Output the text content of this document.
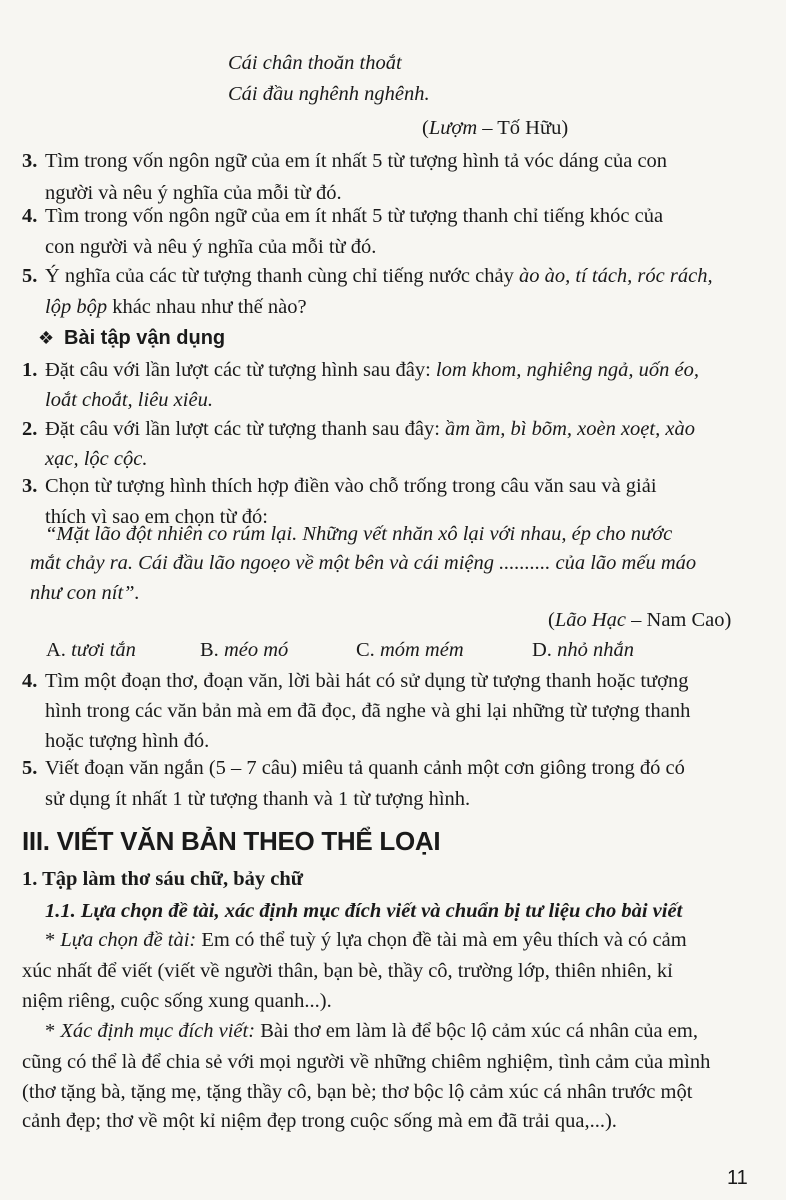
Cái chân thoăn thoắt
Cái đầu nghênh nghênh.
(Lượm – Tố Hữu)
3. Tìm trong vốn ngôn ngữ của em ít nhất 5 từ tượng hình tả vóc dáng của con
người và nêu ý nghĩa của mỗi từ đó.
4. Tìm trong vốn ngôn ngữ của em ít nhất 5 từ tượng thanh chỉ tiếng khóc của
con người và nêu ý nghĩa của mỗi từ đó.
5. Ý nghĩa của các từ tượng thanh cùng chỉ tiếng nước chảy ào ào, tí tách, róc rách,
lộp bộp khác nhau như thế nào?
❖ Bài tập vận dụng
1. Đặt câu với lần lượt các từ tượng hình sau đây: lom khom, nghiêng ngả, uốn éo,
loắt choắt, liêu xiêu.
2. Đặt câu với lần lượt các từ tượng thanh sau đây: ầm ầm, bì bõm, xoèn xoẹt, xào
xạc, lộc cộc.
3. Chọn từ tượng hình thích hợp điền vào chỗ trống trong câu văn sau và giải
thích vì sao em chọn từ đó:
“Mặt lão đột nhiên co rúm lại. Những vết nhăn xô lại với nhau, ép cho nước
mắt chảy ra. Cái đầu lão ngoẹo về một bên và cái miệng .......... của lão mếu máo
như con nít”.
(Lão Hạc – Nam Cao)
A. tươi tắn	B. méo mó	C. móm mém	D. nhỏ nhắn
4. Tìm một đoạn thơ, đoạn văn, lời bài hát có sử dụng từ tượng thanh hoặc tượng
hình trong các văn bản mà em đã đọc, đã nghe và ghi lại những từ tượng thanh
hoặc tượng hình đó.
5. Viết đoạn văn ngắn (5 – 7 câu) miêu tả quanh cảnh một cơn giông trong đó có
sử dụng ít nhất 1 từ tượng thanh và 1 từ tượng hình.
III. VIẾT VĂN BẢN THEO THỂ LOẠI
1. Tập làm thơ sáu chữ, bảy chữ
1.1. Lựa chọn đề tài, xác định mục đích viết và chuẩn bị tư liệu cho bài viết
* Lựa chọn đề tài: Em có thể tuỳ ý lựa chọn đề tài mà em yêu thích và có cảm
xúc nhất để viết (viết về người thân, bạn bè, thầy cô, trường lớp, thiên nhiên, kỉ
niệm riêng, cuộc sống xung quanh...).
* Xác định mục đích viết: Bài thơ em làm là để bộc lộ cảm xúc cá nhân của em,
cũng có thể là để chia sẻ với mọi người về những chiêm nghiệm, tình cảm của mình
(thơ tặng bà, tặng mẹ, tặng thầy cô, bạn bè; thơ bộc lộ cảm xúc cá nhân trước một
cảnh đẹp; thơ về một kỉ niệm đẹp trong cuộc sống mà em đã trải qua,...).
11
